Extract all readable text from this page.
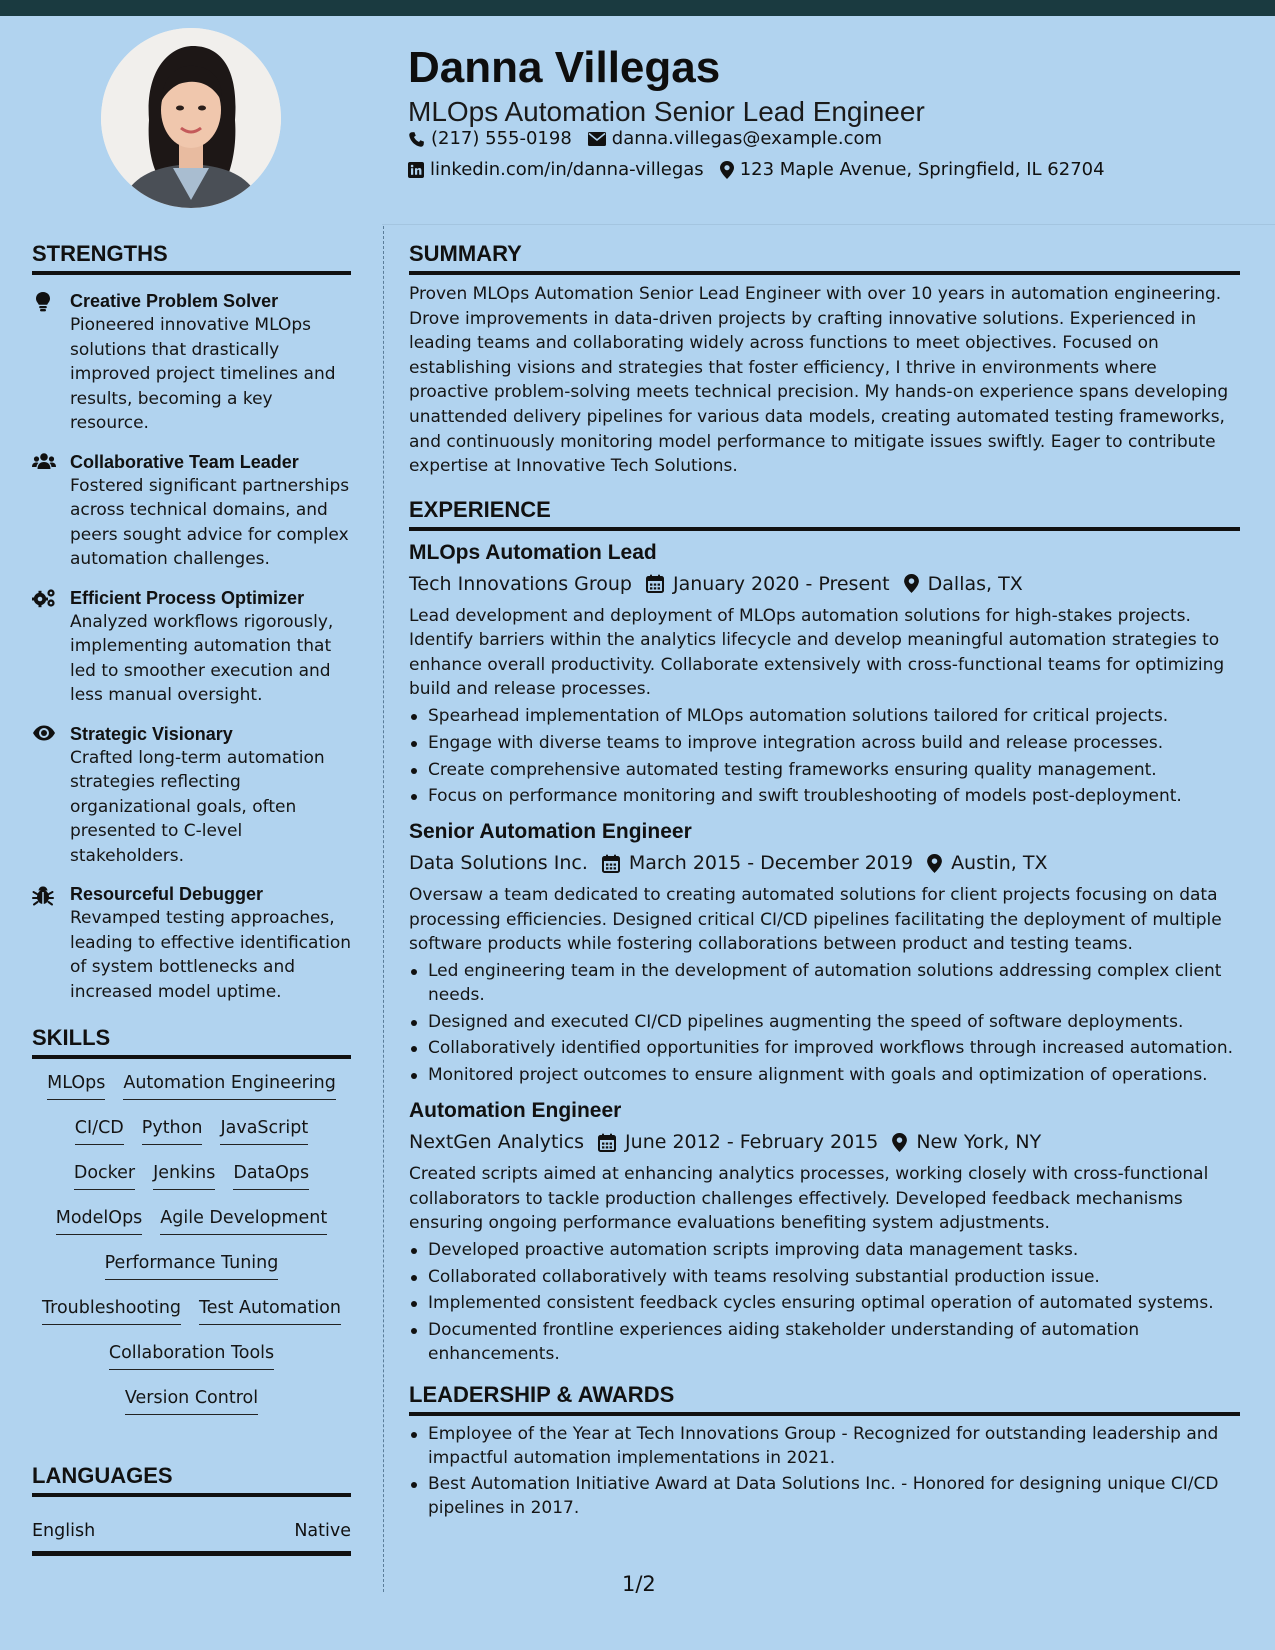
Danna Villegas
MLOps Automation Senior Lead Engineer
(217) 555-0198 danna.villegas@example.com
linkedin.com/in/danna-villegas 123 Maple Avenue, Springfield, IL 62704
STRENGTHS
Creative Problem Solver
Pioneered innovative MLOps solutions that drastically improved project timelines and results, becoming a key resource.
Collaborative Team Leader
Fostered significant partnerships across technical domains, and peers sought advice for complex automation challenges.
Efficient Process Optimizer
Analyzed workflows rigorously, implementing automation that led to smoother execution and less manual oversight.
Strategic Visionary
Crafted long-term automation strategies reflecting organizational goals, often presented to C-level stakeholders.
Resourceful Debugger
Revamped testing approaches, leading to effective identification of system bottlenecks and increased model uptime.
SKILLS
MLOps Automation Engineering
CI/CD Python JavaScript
Docker Jenkins DataOps
ModelOps Agile Development
Performance Tuning
Troubleshooting Test Automation
Collaboration Tools
Version Control
LANGUAGES
English	Native
SUMMARY

Proven MLOps Automation Senior Lead Engineer with over 10 years in automation engineering. Drove improvements in data-driven projects by crafting innovative solutions. Experienced in leading teams and collaborating widely across functions to meet objectives. Focused on establishing visions and strategies that foster efficiency, I thrive in environments where proactive problem-solving meets technical precision. My hands-on experience spans developing unattended delivery pipelines for various data models, creating automated testing frameworks, and continuously monitoring model performance to mitigate issues swiftly. Eager to contribute expertise at Innovative Tech Solutions.

EXPERIENCE
MLOps Automation Lead
Tech Innovations Group January 2020 - Present Dallas, TX
Lead development and deployment of MLOps automation solutions for high-stakes projects. Identify barriers within the analytics lifecycle and develop meaningful automation strategies to enhance overall productivity. Collaborate extensively with cross-functional teams for optimizing build and release processes.
Spearhead implementation of MLOps automation solutions tailored for critical projects.
Engage with diverse teams to improve integration across build and release processes.
Create comprehensive automated testing frameworks ensuring quality management.
Focus on performance monitoring and swift troubleshooting of models post-deployment.
Senior Automation Engineer
Data Solutions Inc. March 2015 - December 2019 Austin, TX
Oversaw a team dedicated to creating automated solutions for client projects focusing on data processing efficiencies. Designed critical CI/CD pipelines facilitating the deployment of multiple software products while fostering collaborations between product and testing teams.
Led engineering team in the development of automation solutions addressing complex client needs.
Designed and executed CI/CD pipelines augmenting the speed of software deployments.
Collaboratively identified opportunities for improved workflows through increased automation.
Monitored project outcomes to ensure alignment with goals and optimization of operations.
Automation Engineer
NextGen Analytics June 2012 - February 2015 New York, NY
Created scripts aimed at enhancing analytics processes, working closely with cross-functional collaborators to tackle production challenges effectively. Developed feedback mechanisms ensuring ongoing performance evaluations benefiting system adjustments.
Developed proactive automation scripts improving data management tasks.
Collaborated collaboratively with teams resolving substantial production issue.
Implemented consistent feedback cycles ensuring optimal operation of automated systems.
Documented frontline experiences aiding stakeholder understanding of automation enhancements.
LEADERSHIP & AWARDS
Employee of the Year at Tech Innovations Group - Recognized for outstanding leadership and impactful automation implementations in 2021.
Best Automation Initiative Award at Data Solutions Inc. - Honored for designing unique CI/CD pipelines in 2017.
1/2
